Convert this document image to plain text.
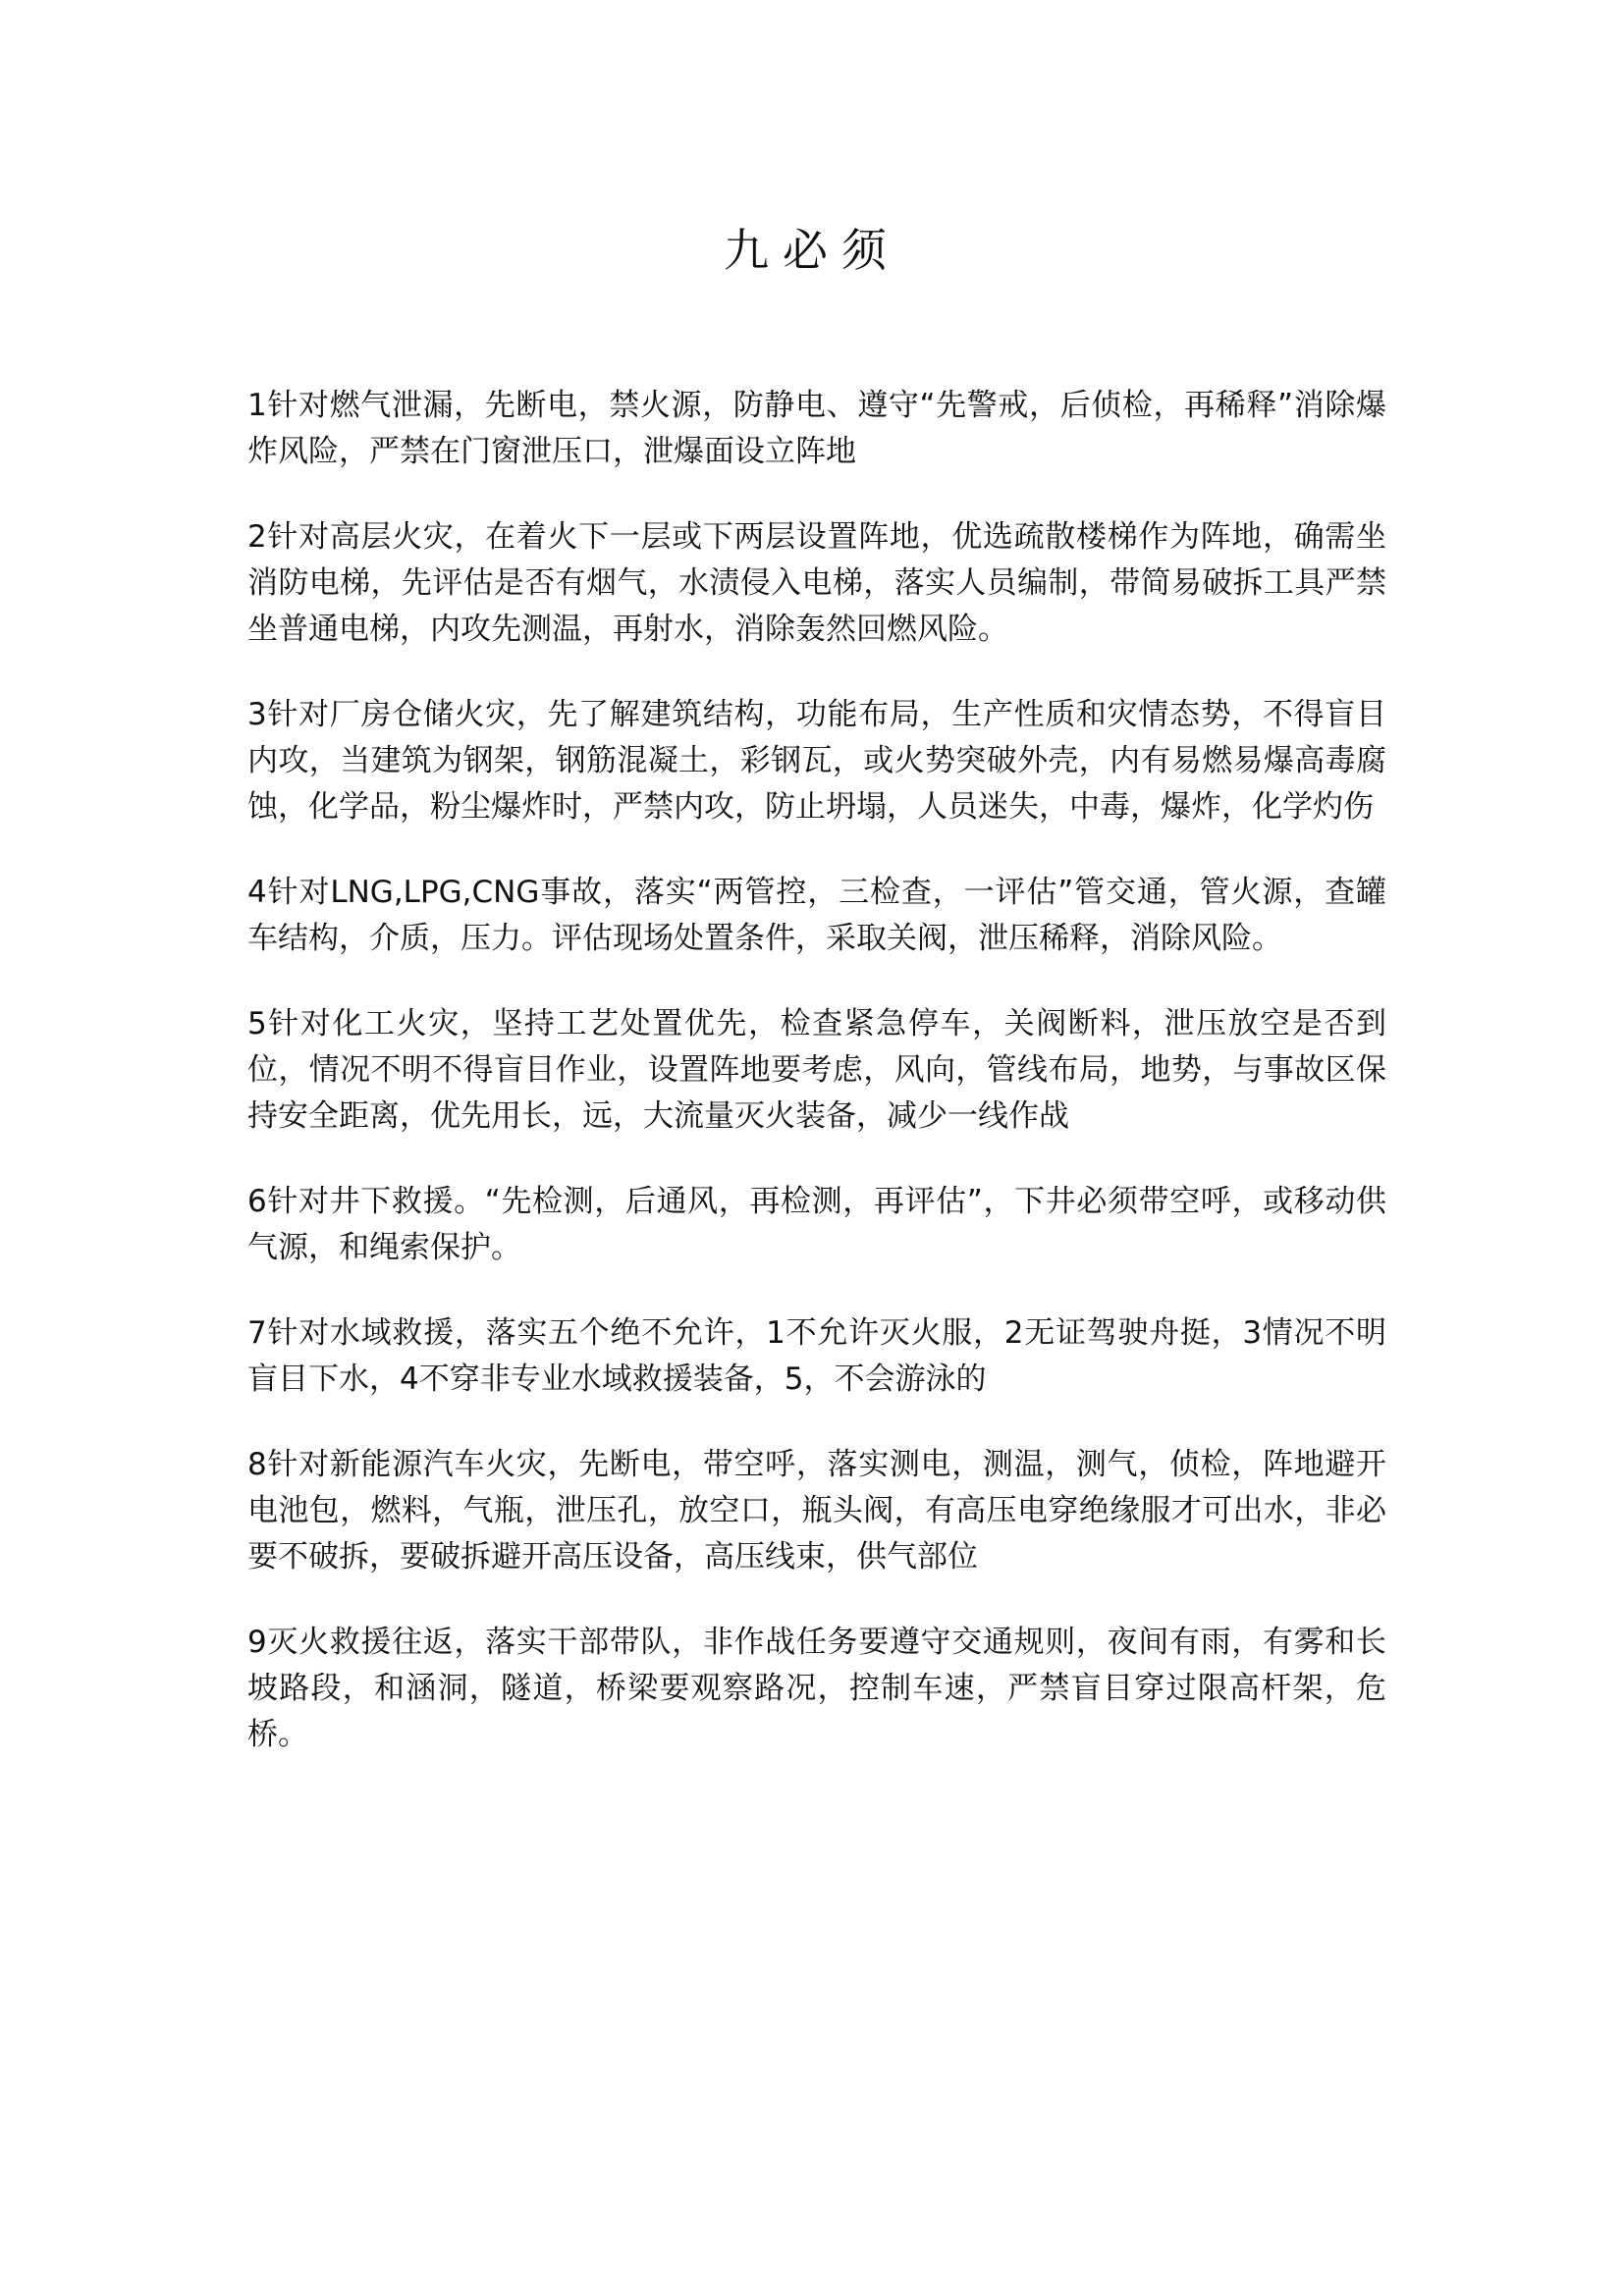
九必须

1针对燃气泄漏，先断电，禁火源，防静电、遵守“先警戒，后侦检，再稀释”消除爆炸风险，严禁在门窗泄压口，泄爆面设立阵地

2针对高层火灾，在着火下一层或下两层设置阵地，优选疏散楼梯作为阵地，确需坐消防电梯，先评估是否有烟气，水渍侵入电梯，落实人员编制，带简易破拆工具严禁坐普通电梯，内攻先测温，再射水，消除轰然回燃风险。

3针对厂房仓储火灾，先了解建筑结构，功能布局，生产性质和灾情态势，不得盲目内攻，当建筑为钢架，钢筋混凝土，彩钢瓦，或火势突破外壳，内有易燃易爆高毒腐蚀，化学品，粉尘爆炸时，严禁内攻，防止坍塌，人员迷失，中毒，爆炸，化学灼伤

4针对LNG,LPG,CNG事故，落实“两管控，三检查，一评估”管交通，管火源，查罐车结构，介质，压力。评估现场处置条件，采取关阀，泄压稀释，消除风险。

5针对化工火灾，坚持工艺处置优先，检查紧急停车，关阀断料，泄压放空是否到位，情况不明不得盲目作业，设置阵地要考虑，风向，管线布局，地势，与事故区保持安全距离，优先用长，远，大流量灭火装备，减少一线作战

6针对井下救援。“先检测，后通风，再检测，再评估”，下井必须带空呼，或移动供气源，和绳索保护。

7针对水域救援，落实五个绝不允许，1不允许灭火服，2无证驾驶舟挺，3情况不明盲目下水，4不穿非专业水域救援装备，5，不会游泳的

8针对新能源汽车火灾，先断电，带空呼，落实测电，测温，测气，侦检，阵地避开电池包，燃料，气瓶，泄压孔，放空口，瓶头阀，有高压电穿绝缘服才可出水，非必要不破拆，要破拆避开高压设备，高压线束，供气部位

9灭火救援往返，落实干部带队，非作战任务要遵守交通规则，夜间有雨，有雾和长坡路段，和涵洞，隧道，桥梁要观察路况，控制车速，严禁盲目穿过限高杆架，危桥。
